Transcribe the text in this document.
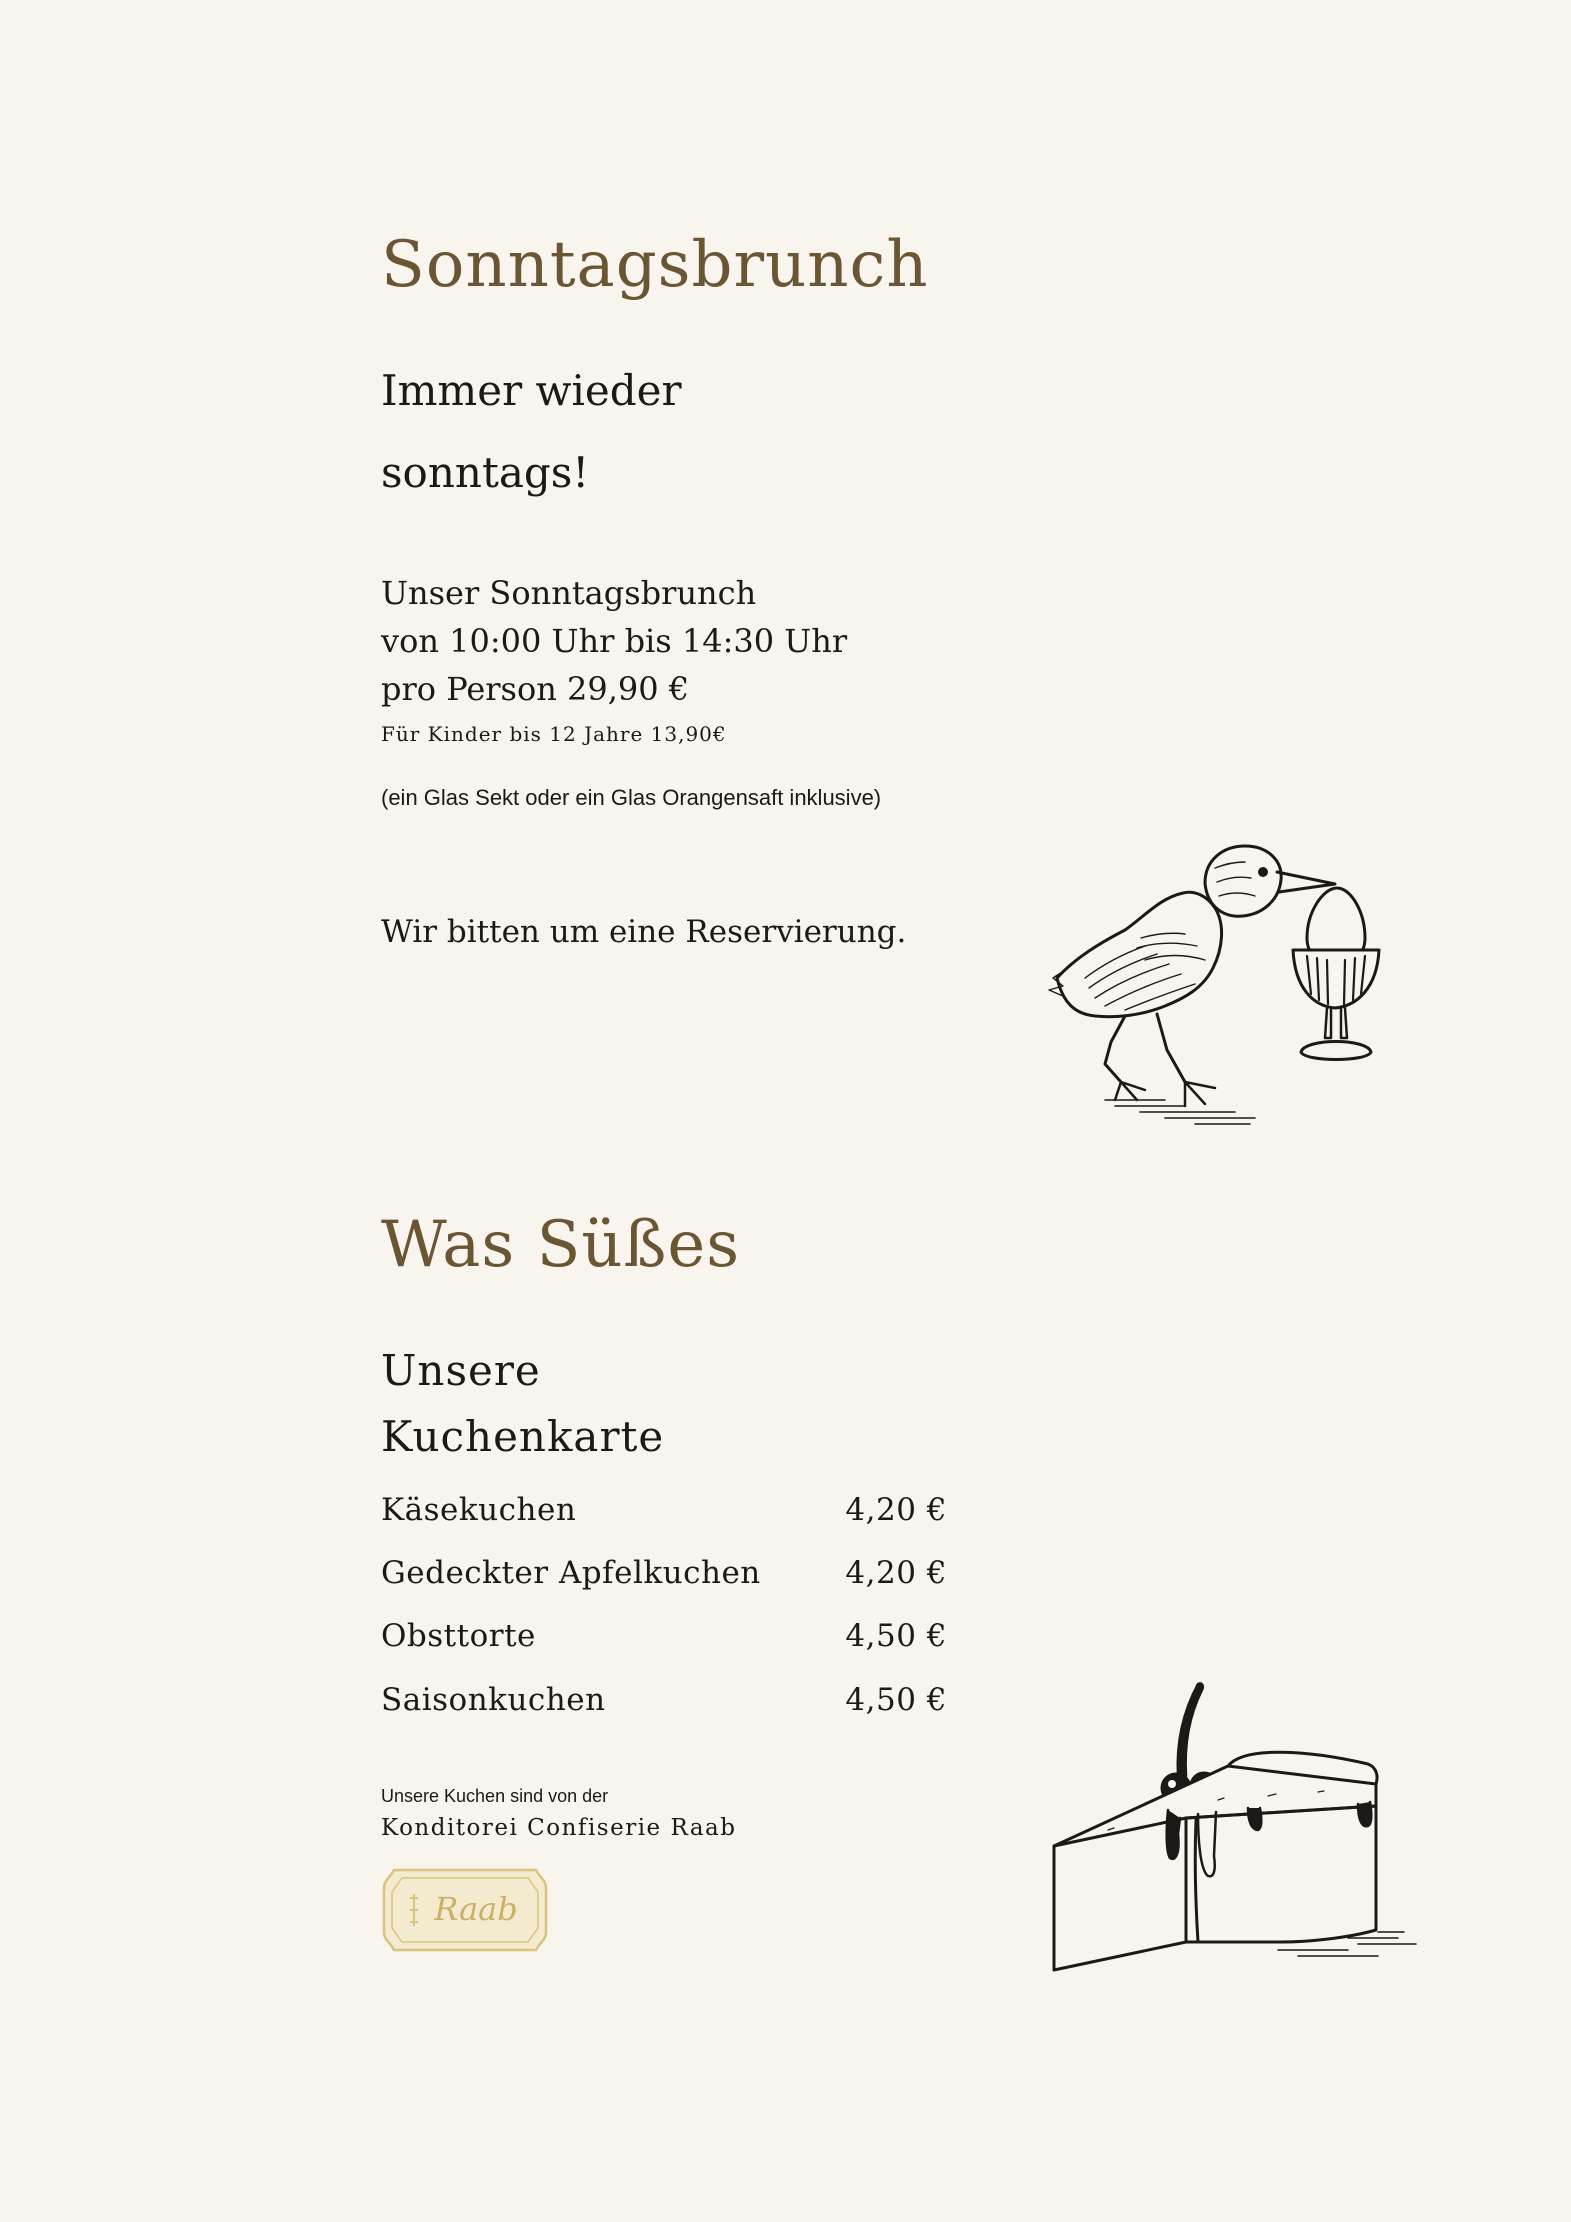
Sonntagsbrunch

Immer wieder

sonntags!

Unser Sonntagsbrunch
von 10:00 Uhr bis 14:30 Uhr
pro Person 29,90 €
Für Kinder bis 12 Jahre 13,90€
(ein Glas Sekt oder ein Glas Orangensaft inklusive)
Wir bitten um eine Reservierung.
Was Süßes

Unsere

Kuchenkarte

Käsekuchen	4,20 €
Gedeckter Apfelkuchen	4,20 €
Obsttorte	4,50 €
Saisonkuchen	4,50 €
Unsere Kuchen sind von der
Konditorei Confiserie Raab
Raab
